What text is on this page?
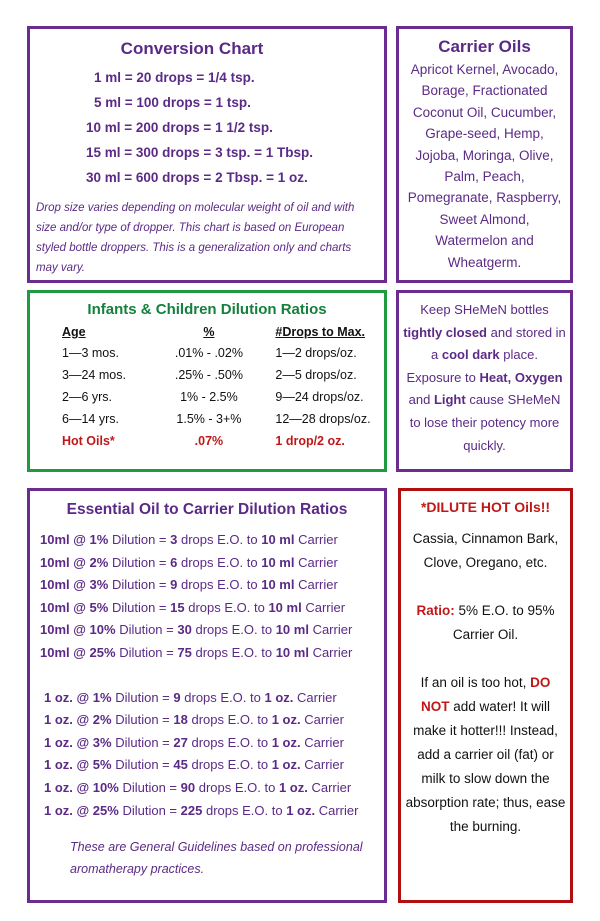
Conversion Chart
1 ml = 20 drops = 1/4 tsp.
5 ml = 100 drops = 1 tsp.
10 ml = 200 drops = 1 1/2 tsp.
15 ml = 300 drops = 3 tsp. = 1 Tbsp.
30 ml = 600 drops = 2 Tbsp. = 1 oz.
Drop size varies depending on molecular weight of oil and with size and/or type of dropper. This chart is based on European styled bottle droppers. This is a generalization only and charts may vary.
Carrier Oils
Apricot Kernel, Avocado, Borage, Fractionated Coconut Oil, Cucumber, Grape-seed, Hemp, Jojoba, Moringa, Olive, Palm, Peach, Pomegranate, Raspberry, Sweet Almond, Watermelon and Wheatgerm.
Infants & Children Dilution Ratios
Age	%	#Drops to Max.
1—3 mos.	.01% - .02%	1—2 drops/oz.
3—24 mos.	.25% - .50%	2—5 drops/oz.
2—6 yrs.	1% - 2.5%	9—24 drops/oz.
6—14 yrs.	1.5% - 3+%	12—28 drops/oz.
Hot Oils*	.07%	1 drop/2 oz.
Keep SHeMeN bottles tightly closed and stored in a cool dark place. Exposure to Heat, Oxygen and Light cause SHeMeN to lose their potency more quickly.
Essential Oil to Carrier Dilution Ratios
10ml @ 1% Dilution = 3 drops E.O. to 10 ml Carrier
10ml @ 2% Dilution = 6 drops E.O. to 10 ml Carrier
10ml @ 3% Dilution = 9 drops E.O. to 10 ml Carrier
10ml @ 5% Dilution = 15 drops E.O. to 10 ml Carrier
10ml @ 10% Dilution = 30 drops E.O. to 10 ml Carrier
10ml @ 25% Dilution = 75 drops E.O. to 10 ml Carrier
1 oz. @ 1% Dilution = 9 drops E.O. to 1 oz. Carrier
1 oz. @ 2% Dilution = 18 drops E.O. to 1 oz. Carrier
1 oz. @ 3% Dilution = 27 drops E.O. to 1 oz. Carrier
1 oz. @ 5% Dilution = 45 drops E.O. to 1 oz. Carrier
1 oz. @ 10% Dilution = 90 drops E.O. to 1 oz. Carrier
1 oz. @ 25% Dilution = 225 drops E.O. to 1 oz. Carrier
These are General Guidelines based on professional aromatherapy practices.
*DILUTE HOT Oils!!
Cassia, Cinnamon Bark, Clove, Oregano, etc.
Ratio: 5% E.O. to 95% Carrier Oil.
If an oil is too hot, DO NOT add water! It will make it hotter!!! Instead, add a carrier oil (fat) or milk to slow down the absorption rate; thus, ease the burning.
